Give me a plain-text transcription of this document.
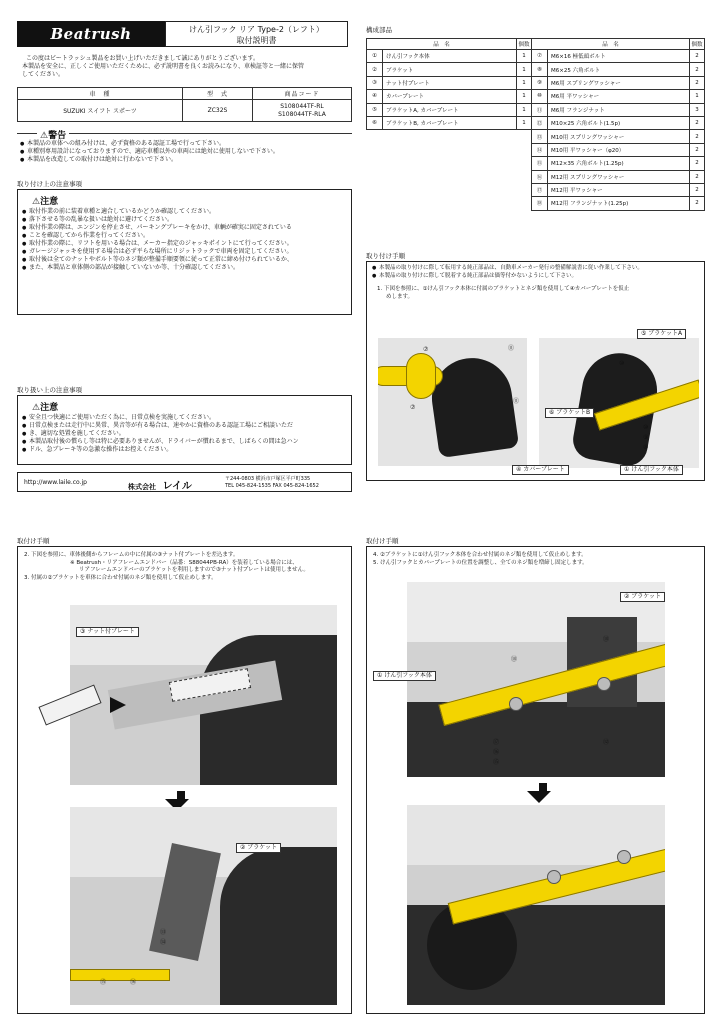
Beatrush	けん引フック リア Type-2（レフト）
取付説明書
この度はビートラッシュ製品をお買い上げいただきまして誠にありがとうございます。
本製品を安全に、正しくご使用いただくために、必ず説明書を良くお読みになり、車検証等と一緒に保管
してください。
車　種	型　式	商品コード
SUZUKI スイフト スポーツ	ZC32S	S108044TF-RL
S108044TF-RLA
⚠警告
● 本製品の車体への組み付けは、必ず資格のある認証工場で行って下さい。
● 車種別専用設計になっておりますので、適応車種以外の車両には絶対に使用しないで下さい。
● 本製品を改造しての取付けは絶対に行わないで下さい。
取り付け上の注意事項
⚠注意
● 取付作業の前に装着車種と適合しているかどうか確認してください。
● 落下させる等の乱暴な扱いは絶対に避けてください。
● 取付作業の際は、エンジンを停止させ、パーキングブレーキをかけ、車輌が確実に固定されている
● ことを確認してから作業を行ってください。
● 取付作業の際に、リフトを用いる場合は、メーカー指定のジャッキポイントにて行ってください。
● ガレージジャッキを使用する場合は必ず平らな場所にリジットラックで車両を固定してください。
● 取付後は全てのナットやボルト等のネジ類が整備手順要領に従って正常に締め付けられているか、
● また、本製品と車体側の部品が接触していないか等、十分確認してください。
取り扱い上の注意事項
⚠注意
● 安全且つ快適にご使用いただく為に、日常点検を実施してください。
● 日常点検または走行中に異常、異音等が有る場合は、速やかに資格のある認証工場にご相談いただ
● き、適切な処置を施してください。
● 本製品取付後の慣らし等は特に必要ありませんが、ドライバーが慣れるまで、しばらくの間は急ハン
● ドル、急ブレーキ等の急激な操作はお控えください。
http://www.laile.co.jp
株式会社 レイル
〒244-0803 横浜市戸塚区平戸町335
TEL 045-824-1535 FAX 045-824-1652
構成部品
品　名		個数	品　名		個数
①	けん引フック本体	1	⑦	M6×16 極低頭ボルト	2
②	ブラケット	1	⑧	M6×25 六角ボルト	2
③	ナット付プレート	1	⑨	M6用 スプリングワッシャー	2
④	カバープレート	1	⑩	M6用 平ワッシャー	1
⑤	ブラケットA, カバープレート	1	⑪	M6用 フランジナット	3
⑥	ブラケットB, カバープレート	1	⑫	M10×25 六角ボルト(1.5p)	2
			⑬	M10用 スプリングワッシャー	2
			⑭	M10用 平ワッシャー（φ20）	2
			⑮	M12×35 六角ボルト(1.25p)	2
			⑯	M12用 スプリングワッシャー	2
			⑰	M12用 平ワッシャー	2
			⑱	M12用 フランジナット(1.25p)	2
取り付け手順
● 本製品の取り付けに際して転用する純正部品は、自動車メーカー発行の整備解説書に従い作業して下さい。
● 本製品の取り付けに際して脱着する純正部品は価等付かないようにして下さい。
1. 下図を参照に、①けん引フック本体に付属のブラケットとネジ類を使用して④カバープレートを仮止
めします。
⑦	⑪
⑦
⑪
⑩
⑩
⑨
⑧
⑤ ブラケットA
⑥ ブラケットB
④ カバープレート	① けん引フック本体
取付け手順
2. 下図を参照に、車体後側からフレームの中に付属の③ナット付プレートを差込ます。
※ Beatrush・リアフレームエンドバー（品番：S88044PB-RA）を装着している場合には、
リアフレームエンドバーのブラケットを利用しますので③ナット付プレートは使用しません。
3. 付属の②ブラケットを車体に合わせ付属のネジ類を使用して仮止めします。
③ ナット付プレート
⑮	⑯
⑬
⑭
② ブラケット
取付け手順
4. ②ブラケットに①けん引フック本体を合わせ付属のネジ類を使用して仮止めします。
5. けん引フックとカバープレートの位置を調整し、全てのネジ類を増締し固定します。
⑱
⑱
⑰
⑯
⑮
⑫
② ブラケット
① けん引フック本体
